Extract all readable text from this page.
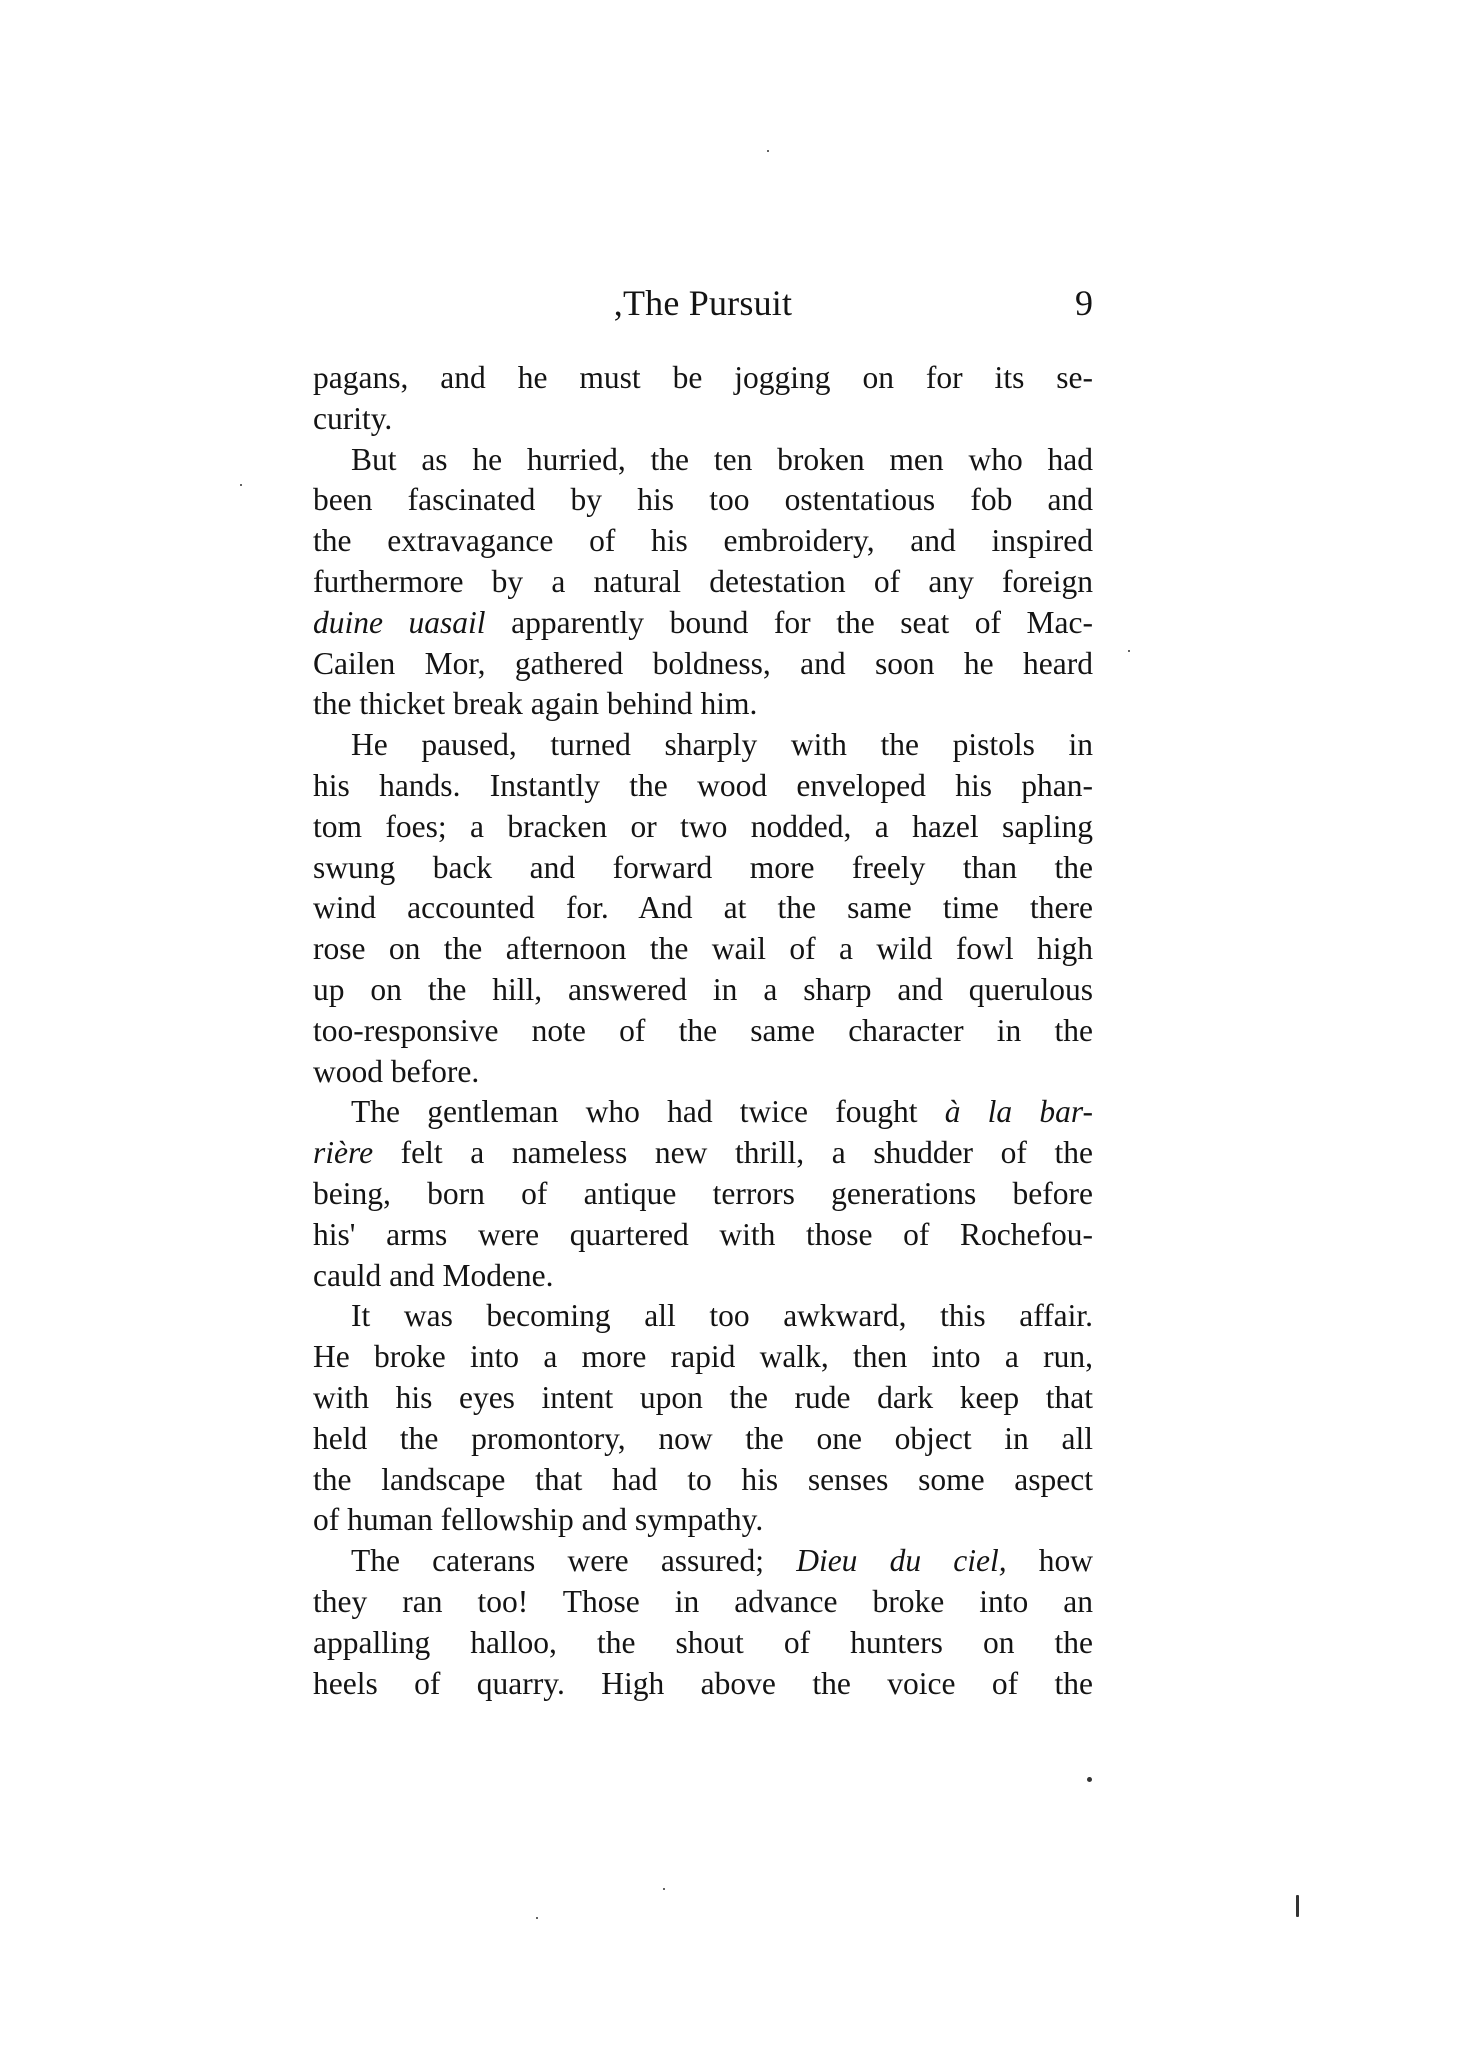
,The Pursuit	9
pagans, and he must be jogging on for its se-
curity.
But as he hurried, the ten broken men who had
been fascinated by his too ostentatious fob and
the extravagance of his embroidery, and inspired
furthermore by a natural detestation of any foreign
duine uasail apparently bound for the seat of Mac-
Cailen Mor, gathered boldness, and soon he heard
the thicket break again behind him.
He paused, turned sharply with the pistols in
his hands. Instantly the wood enveloped his phan-
tom foes; a bracken or two nodded, a hazel sapling
swung back and forward more freely than the
wind accounted for. And at the same time there
rose on the afternoon the wail of a wild fowl high
up on the hill, answered in a sharp and querulous
too-responsive note of the same character in the
wood before.
The gentleman who had twice fought à la bar-
rière felt a nameless new thrill, a shudder of the
being, born of antique terrors generations before
his' arms were quartered with those of Rochefou-
cauld and Modene.
It was becoming all too awkward, this affair.
He broke into a more rapid walk, then into a run,
with his eyes intent upon the rude dark keep that
held the promontory, now the one object in all
the landscape that had to his senses some aspect
of human fellowship and sympathy.
The caterans were assured; Dieu du ciel, how
they ran too! Those in advance broke into an
appalling halloo, the shout of hunters on the
heels of quarry. High above the voice of the
